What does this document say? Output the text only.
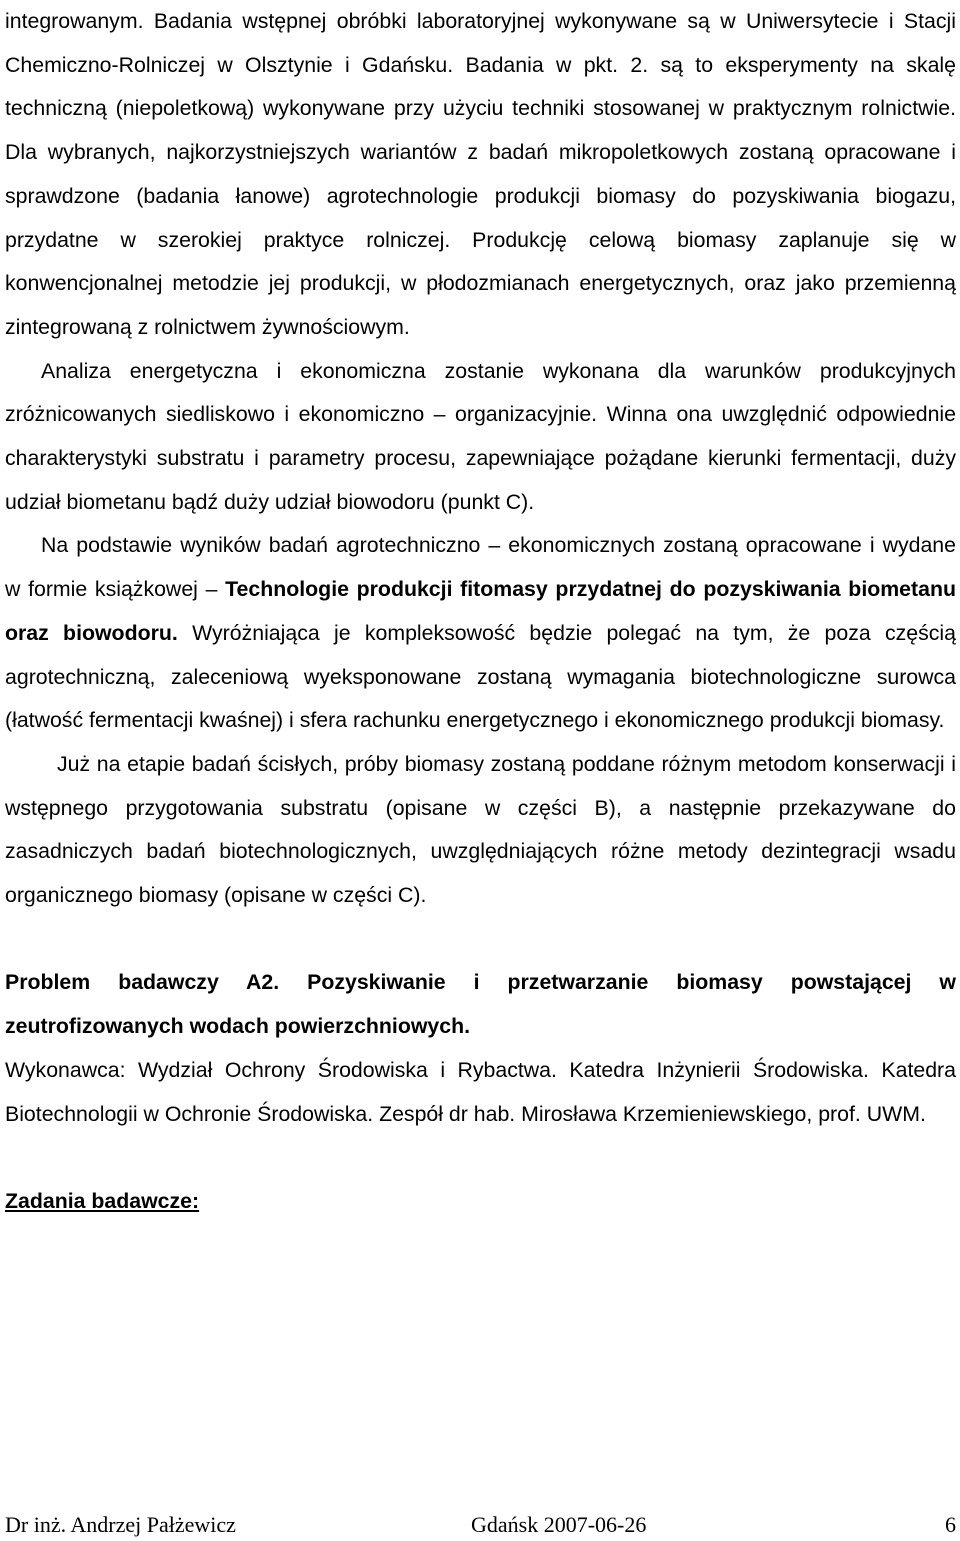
integrowanym. Badania wstępnej obróbki laboratoryjnej wykonywane są w Uniwersytecie i Stacji Chemiczno-Rolniczej w Olsztynie i Gdańsku. Badania w pkt. 2. są to eksperymenty na skalę techniczną (niepoletkową) wykonywane przy użyciu techniki stosowanej w praktycznym rolnictwie. Dla wybranych, najkorzystniejszych wariantów z badań mikropoletkowych zostaną opracowane i sprawdzone (badania łanowe) agrotechnologie produkcji biomasy do pozyskiwania biogazu, przydatne w szerokiej praktyce rolniczej. Produkcję celową biomasy zaplanuje się w konwencjonalnej metodzie jej produkcji, w płodozmianach energetycznych, oraz jako przemienną zintegrowaną z rolnictwem żywnościowym.

Analiza energetyczna i ekonomiczna zostanie wykonana dla warunków produkcyjnych zróżnicowanych siedliskowo i ekonomiczno – organizacyjnie. Winna ona uwzględnić odpowiednie charakterystyki substratu i parametry procesu, zapewniające pożądane kierunki fermentacji, duży udział biometanu bądź duży udział biowodoru (punkt C).

Na podstawie wyników badań agrotechniczno – ekonomicznych zostaną opracowane i wydane w formie książkowej – Technologie produkcji fitomasy przydatnej do pozyskiwania biometanu oraz biowodoru. Wyróżniająca je kompleksowość będzie polegać na tym, że poza częścią agrotechniczną, zaleceniową wyeksponowane zostaną wymagania biotechnologiczne surowca (łatwość fermentacji kwaśnej) i sfera rachunku energetycznego i ekonomicznego produkcji biomasy.

Już na etapie badań ścisłych, próby biomasy zostaną poddane różnym metodom konserwacji i wstępnego przygotowania substratu (opisane w części B), a następnie przekazywane do zasadniczych badań biotechnologicznych, uwzględniających różne metody dezintegracji wsadu organicznego biomasy (opisane w części C).

Problem badawczy A2. Pozyskiwanie i przetwarzanie biomasy powstającej w zeutrofizowanych wodach powierzchniowych.

Wykonawca: Wydział Ochrony Środowiska i Rybactwa. Katedra Inżynierii Środowiska. Katedra Biotechnologii w Ochronie Środowiska. Zespół dr hab. Mirosława Krzemieniewskiego, prof. UWM.

Zadania badawcze:

Dr inż. Andrzej Pałżewicz	Gdańsk 2007-06-26	6
